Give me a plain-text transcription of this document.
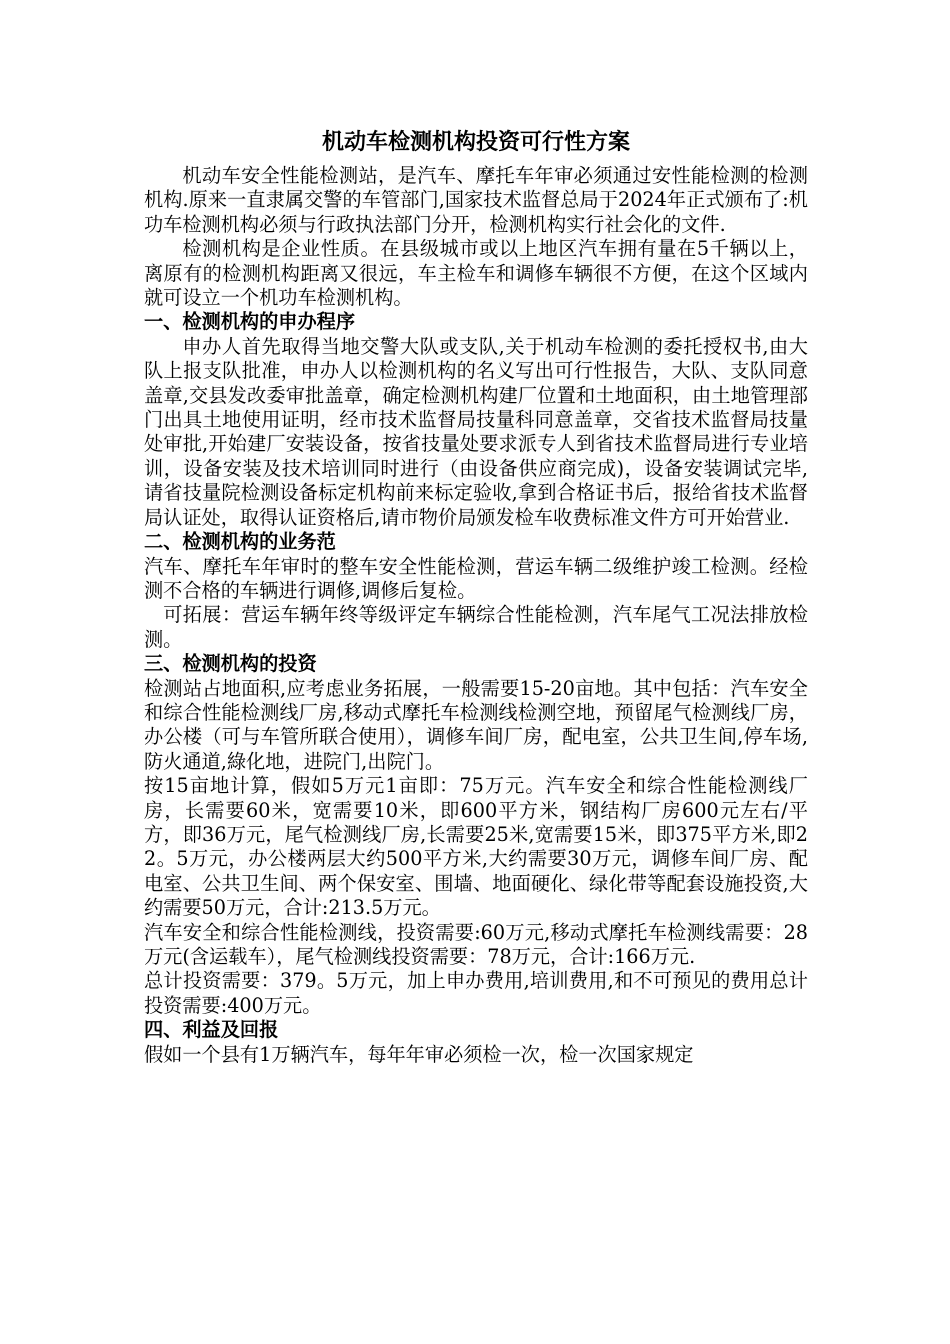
机动车检测机构投资可行性方案

机动车安全性能检测站，是汽车、摩托车年审必须通过安性能检测的检测机构.原来一直隶属交警的车管部门,国家技术监督总局于2024年正式颁布了:机功车检测机构必须与行政执法部门分开，检测机构实行社会化的文件.

检测机构是企业性质。在县级城市或以上地区汽车拥有量在5千辆以上，离原有的检测机构距离又很远，车主检车和调修车辆很不方便，在这个区域内就可设立一个机功车检测机构。

一、检测机构的申办程序

申办人首先取得当地交警大队或支队,关于机动车检测的委托授权书,由大队上报支队批准，申办人以检测机构的名义写出可行性报告，大队、支队同意盖章,交县发改委审批盖章，确定检测机构建厂位置和土地面积，由土地管理部门出具土地使用证明，经市技术监督局技量科同意盖章，交省技术监督局技量处审批,开始建厂安装设备，按省技量处要求派专人到省技术监督局进行专业培训，设备安装及技术培训同时进行（由设备供应商完成)，设备安装调试完毕,请省技量院检测设备标定机构前来标定验收,拿到合格证书后，报给省技术监督局认证处，取得认证资格后,请市物价局颁发检车收费标准文件方可开始营业.

二、检测机构的业务范

汽车、摩托车年审时的整车安全性能检测，营运车辆二级维护竣工检测。经检测不合格的车辆进行调修,调修后复检。

可拓展：营运车辆年终等级评定车辆综合性能检测，汽车尾气工况法排放检测。

三、检测机构的投资

检测站占地面积,应考虑业务拓展，一般需要15-20亩地。其中包括：汽车安全和综合性能检测线厂房,移动式摩托车检测线检测空地，预留尾气检测线厂房，办公楼（可与车管所联合使用），调修车间厂房，配电室，公共卫生间,停车场,防火通道,綠化地，进院门,出院门。

按15亩地计算，假如5万元1亩即：75万元。汽车安全和综合性能检测线厂房，长需要60米，宽需要10米，即600平方米，钢结构厂房600元左右/平方，即36万元，尾气检测线厂房,长需要25米,宽需要15米，即375平方米,即22。5万元，办公楼两层大约500平方米,大约需要30万元，调修车间厂房、配电室、公共卫生间、两个保安室、围墙、地面硬化、绿化带等配套设施投资,大约需要50万元，合计:213.5万元。

汽车安全和综合性能检测线，投资需要:60万元,移动式摩托车检测线需要：28万元(含运载车），尾气检测线投资需要：78万元，合计:166万元.

总计投资需要：379。5万元，加上申办费用,培训费用,和不可预见的费用总计投资需要:400万元。

四、利益及回报

假如一个县有1万辆汽车，每年年审必须检一次，检一次国家规定
